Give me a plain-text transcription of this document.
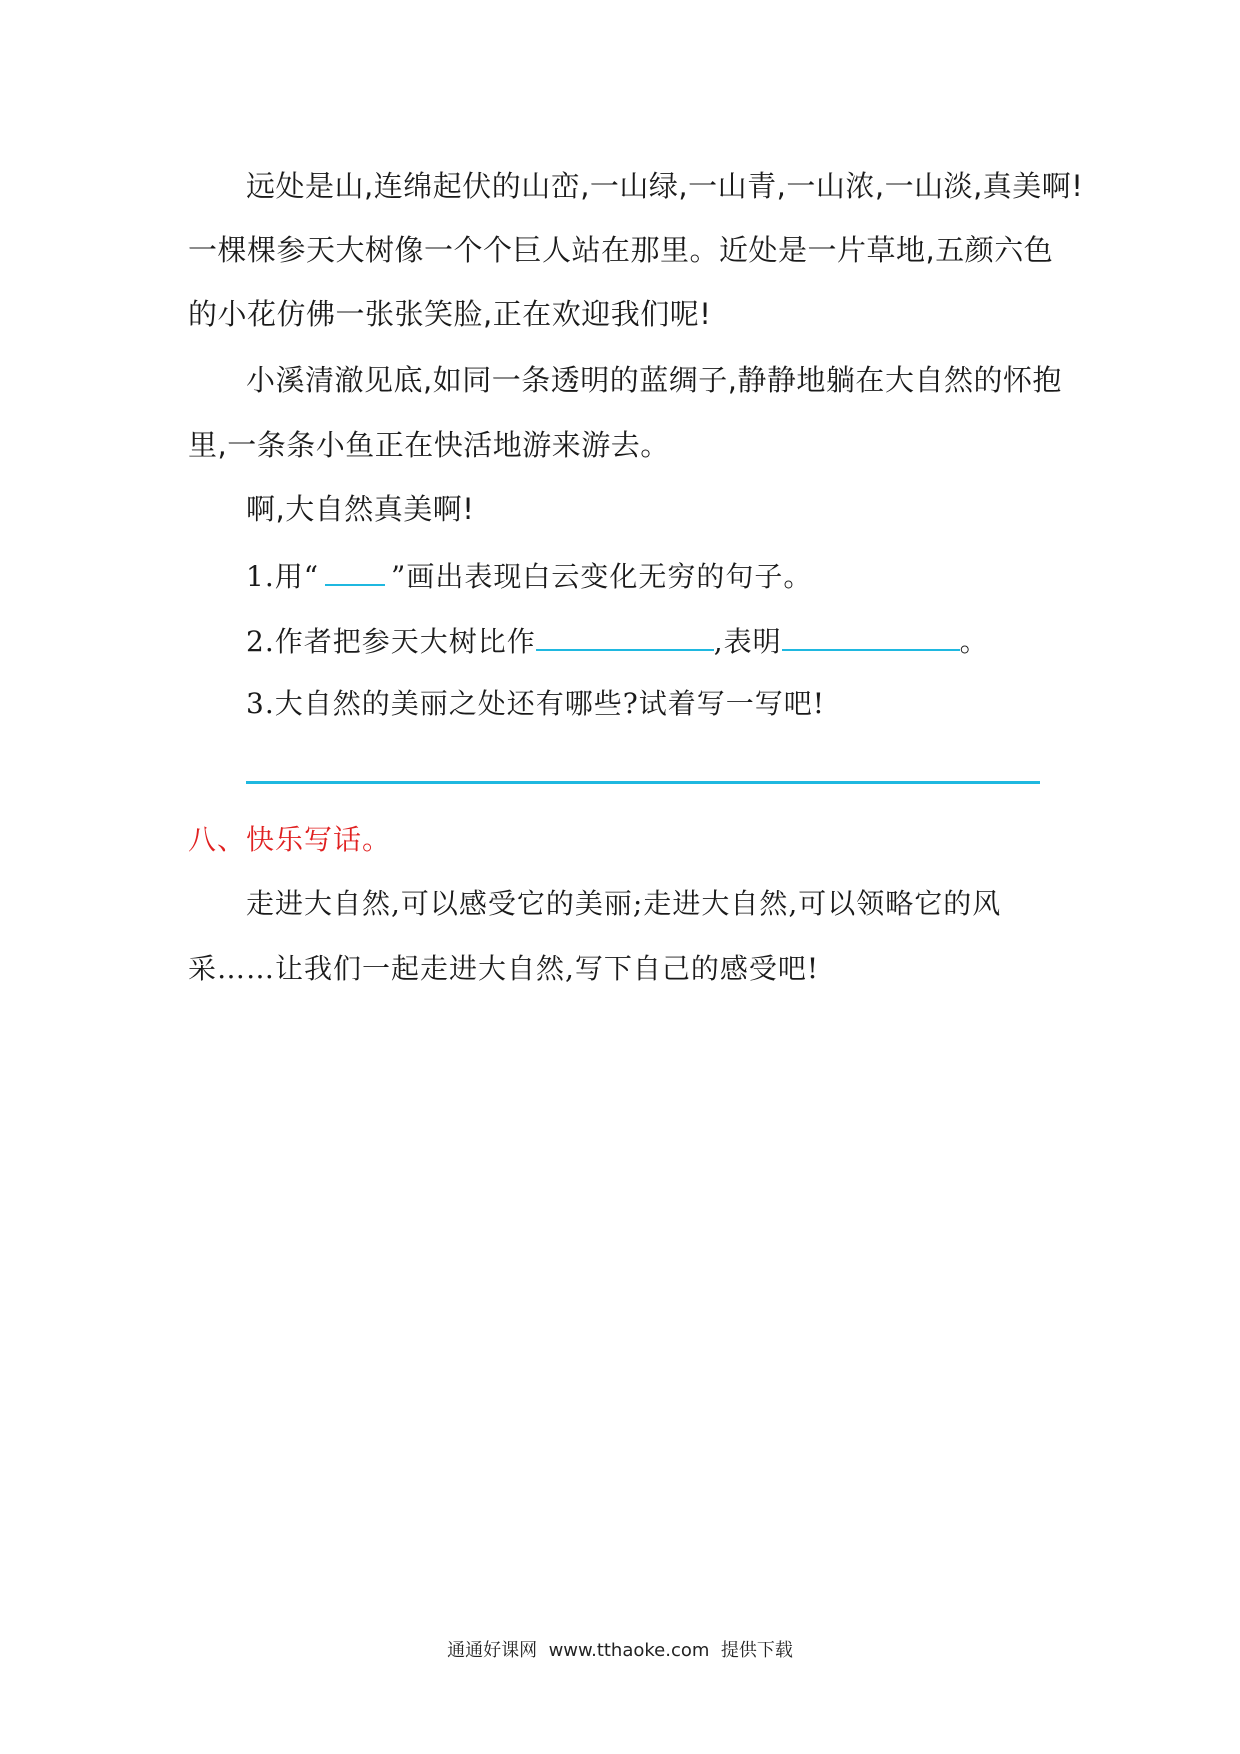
远处是山,连绵起伏的山峦,一山绿,一山青,一山浓,一山淡,真美啊!
一棵棵参天大树像一个个巨人站在那里。近处是一片草地,五颜六色
的小花仿佛一张张笑脸,正在欢迎我们呢!
小溪清澈见底,如同一条透明的蓝绸子,静静地躺在大自然的怀抱
里,一条条小鱼正在快活地游来游去。
啊,大自然真美啊!
1.用“	”画出表现白云变化无穷的句子。
2.作者把参天大树比作	,表明	。
3.大自然的美丽之处还有哪些?试着写一写吧!
八、快乐写话。
走进大自然,可以感受它的美丽;走进大自然,可以领略它的风
采……让我们一起走进大自然,写下自己的感受吧!
通通好课网  www.tthaoke.com  提供下载
